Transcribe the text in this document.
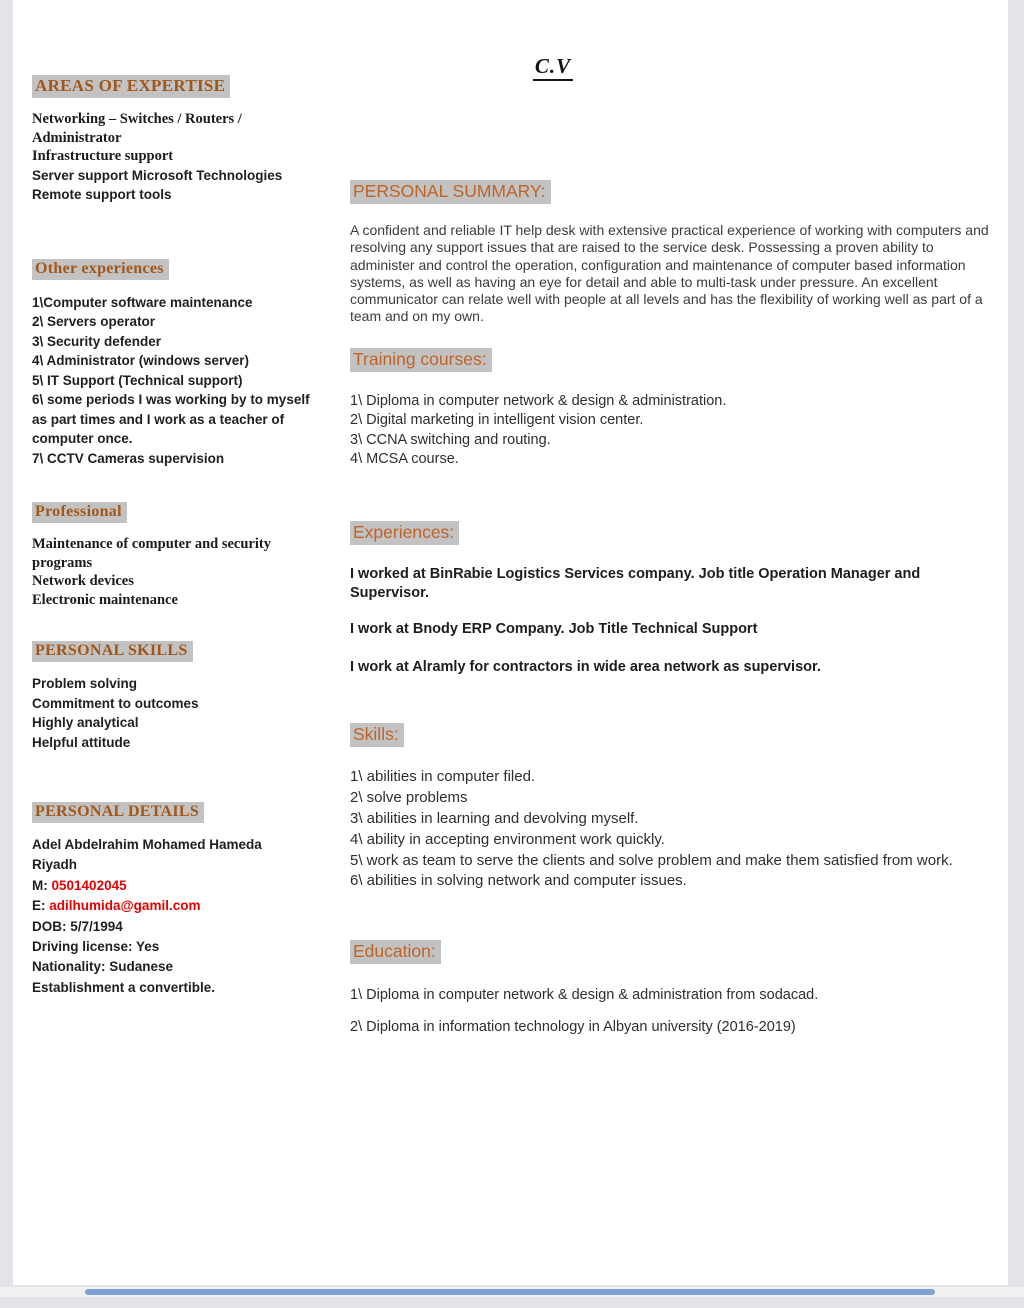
C.V
AREAS OF EXPERTISE

Networking – Switches / Routers / Administrator

Infrastructure support

Server support Microsoft Technologies Remote support tools

Other experiences

1\Computer software maintenance

2\ Servers operator

3\ Security defender

4\ Administrator (windows server)

5\ IT Support (Technical support)

6\ some periods I was working by to myself as part times and I work as a teacher of computer once.

7\ CCTV Cameras supervision

Professional

Maintenance of computer and security programs

Network devices

Electronic maintenance

PERSONAL SKILLS

Problem solving

Commitment to outcomes

Highly analytical

Helpful attitude

PERSONAL DETAILS

Adel Abdelrahim Mohamed Hameda

Riyadh

M: 0501402045

E: adilhumida@gamil.com

DOB: 5/7/1994

Driving license: Yes

Nationality: Sudanese

Establishment a convertible.

PERSONAL SUMMARY:

A confident and reliable IT help desk with extensive practical experience of working with computers and resolving any support issues that are raised to the service desk. Possessing a proven ability to administer and control the operation, configuration and maintenance of computer based information systems, as well as having an eye for detail and able to multi-task under pressure. An excellent communicator can relate well with people at all levels and has the flexibility of working well as part of a team and on my own.

Training courses:

1\ Diploma in computer network & design & administration.

2\ Digital marketing in intelligent vision center.

3\ CCNA switching and routing.

4\ MCSA course.

Experiences:

I worked at BinRabie Logistics Services company. Job title Operation Manager and Supervisor.

I work at Bnody ERP Company. Job Title Technical Support

I work at Alramly for contractors in wide area network as supervisor.

Skills:

1\ abilities in computer filed.

2\ solve problems

3\ abilities in learning and devolving myself.

4\ ability in accepting environment work quickly.

5\ work as team to serve the clients and solve problem and make them satisfied from work.

6\ abilities in solving network and computer issues.

Education:

1\ Diploma in computer network & design & administration from sodacad.

2\ Diploma in information technology in Albyan university (2016-2019)
